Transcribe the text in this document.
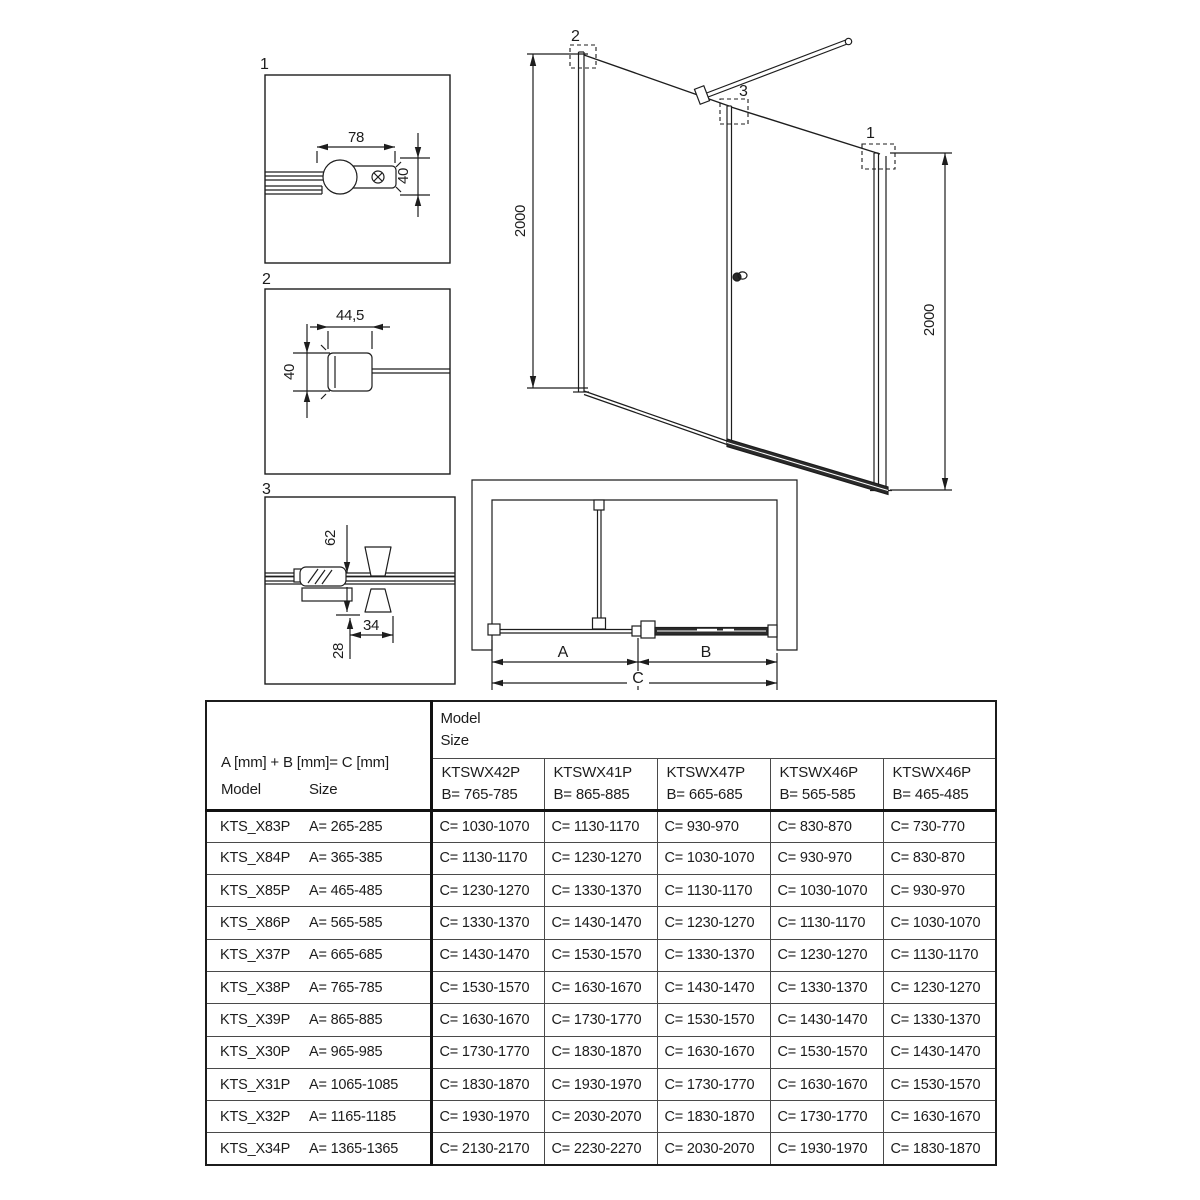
1
78
40
2
44,5
40
3
62
34
28
2
3
1
2000
2000
A	B
C
A [mm] + B [mm]= C [mm]
Model	Size

Model
Size

KTSWX42P
B= 765-785

KTSWX41P
B= 865-885

KTSWX47P
B= 665-685

KTSWX46P
B= 565-585

KTSWX46P
B= 465-485

KTS_X83P A= 265-285	C= 1030-1070	C= 1130-1170	C= 930-970	C= 830-870	C= 730-770
KTS_X84P A= 365-385	C= 1130-1170	C= 1230-1270	C= 1030-1070	C= 930-970	C= 830-870
KTS_X85P A= 465-485	C= 1230-1270	C= 1330-1370	C= 1130-1170	C= 1030-1070	C= 930-970
KTS_X86P A= 565-585	C= 1330-1370	C= 1430-1470	C= 1230-1270	C= 1130-1170	C= 1030-1070
KTS_X37P A= 665-685	C= 1430-1470	C= 1530-1570	C= 1330-1370	C= 1230-1270	C= 1130-1170
KTS_X38P A= 765-785	C= 1530-1570	C= 1630-1670	C= 1430-1470	C= 1330-1370	C= 1230-1270
KTS_X39P A= 865-885	C= 1630-1670	C= 1730-1770	C= 1530-1570	C= 1430-1470	C= 1330-1370
KTS_X30P A= 965-985	C= 1730-1770	C= 1830-1870	C= 1630-1670	C= 1530-1570	C= 1430-1470
KTS_X31P A= 1065-1085	C= 1830-1870	C= 1930-1970	C= 1730-1770	C= 1630-1670	C= 1530-1570
KTS_X32P A= 1165-1185	C= 1930-1970	C= 2030-2070	C= 1830-1870	C= 1730-1770	C= 1630-1670
KTS_X34P A= 1365-1365	C= 2130-2170	C= 2230-2270	C= 2030-2070	C= 1930-1970	C= 1830-1870
